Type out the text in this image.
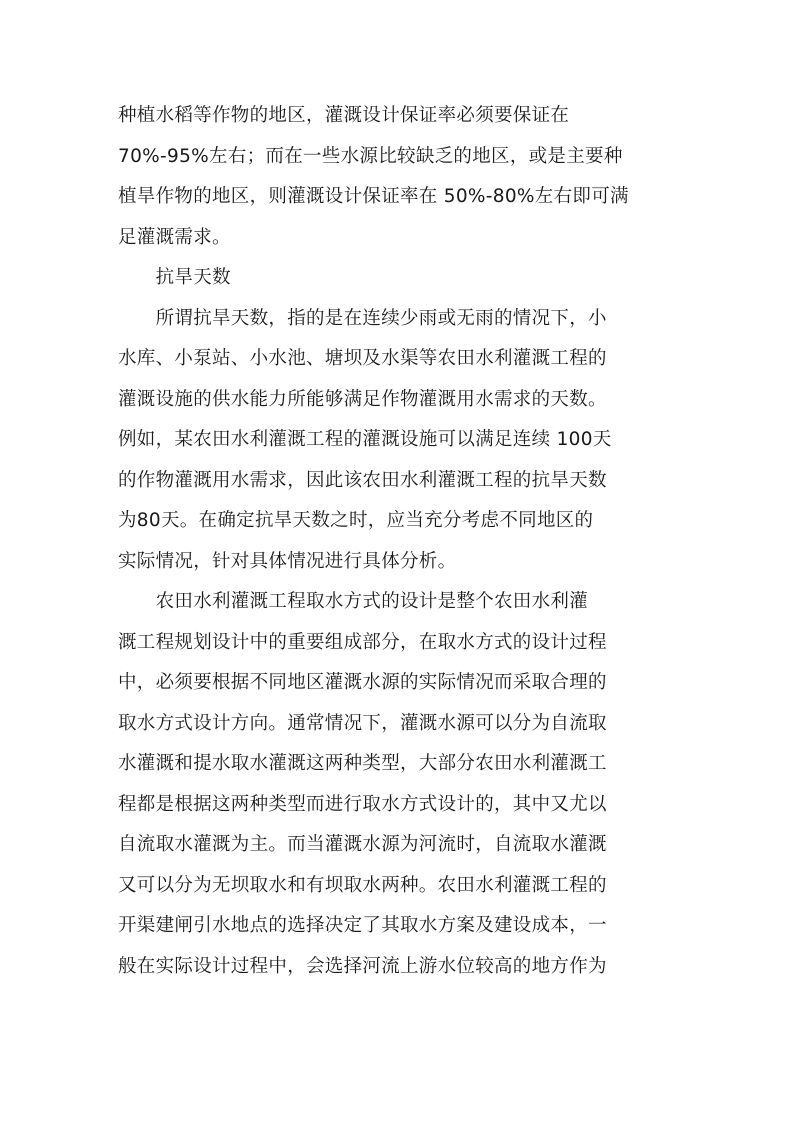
种植水稻等作物的地区，灌溉设计保证率必须要保证在
70%-95%左右；而在一些水源比较缺乏的地区，或是主要种
植旱作物的地区，则灌溉设计保证率在 50%-80%左右即可满
足灌溉需求。
　　抗旱天数
　　所谓抗旱天数，指的是在连续少雨或无雨的情况下，小
水库、小泵站、小水池、塘坝及水渠等农田水利灌溉工程的
灌溉设施的供水能力所能够满足作物灌溉用水需求的天数。
例如，某农田水利灌溉工程的灌溉设施可以满足连续 100天
的作物灌溉用水需求，因此该农田水利灌溉工程的抗旱天数
为80天。在确定抗旱天数之时，应当充分考虑不同地区的
实际情况，针对具体情况进行具体分析。
　　农田水利灌溉工程取水方式的设计是整个农田水利灌
溉工程规划设计中的重要组成部分，在取水方式的设计过程
中，必须要根据不同地区灌溉水源的实际情况而采取合理的
取水方式设计方向。通常情况下，灌溉水源可以分为自流取
水灌溉和提水取水灌溉这两种类型，大部分农田水利灌溉工
程都是根据这两种类型而进行取水方式设计的，其中又尤以
自流取水灌溉为主。而当灌溉水源为河流时，自流取水灌溉
又可以分为无坝取水和有坝取水两种。农田水利灌溉工程的
开渠建闸引水地点的选择决定了其取水方案及建设成本，一
般在实际设计过程中，会选择河流上游水位较高的地方作为
